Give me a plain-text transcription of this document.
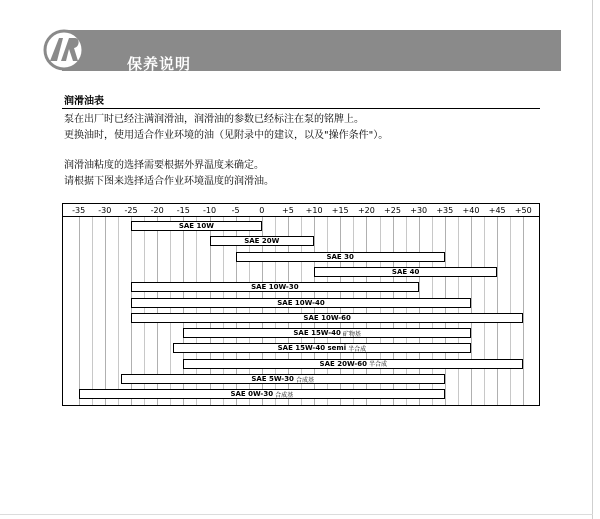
保养说明
润滑油表
泵在出厂时已经注满润滑油，润滑油的参数已经标注在泵的铭牌上。
更换油时，使用适合作业环境的油（见附录中的建议，以及"操作条件"）。
润滑油粘度的选择需要根据外界温度来确定。
请根据下图来选择适合作业环境温度的润滑油。
-35 -30 -25 -20 -15 -10 -5 0 +5 +10 +15 +20 +25 +30 +35 +40 +45 +50
SAE 10W
SAE 20W
SAE 30
SAE 40
SAE 10W-30
SAE 10W-40
SAE 10W-60
SAE 15W-40 矿物基
SAE 15W-40 semi 半合成
SAE 20W-60 半合成
SAE 5W-30 合成基
SAE 0W-30 合成基
